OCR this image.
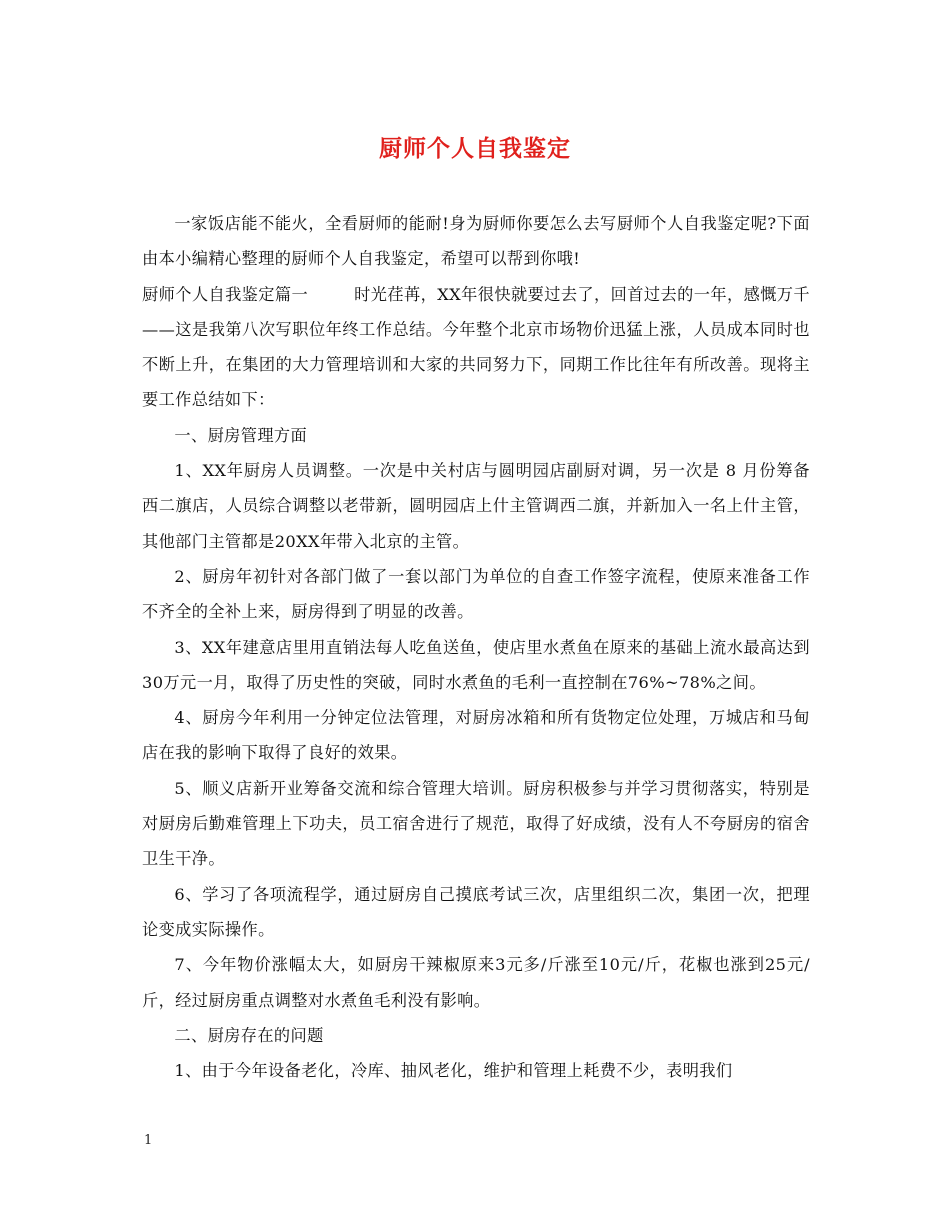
厨师个人自我鉴定

一家饭店能不能火，全看厨师的能耐!身为厨师你要怎么去写厨师个人自我鉴定呢?下面由本小编精心整理的厨师个人自我鉴定，希望可以帮到你哦!

厨师个人自我鉴定篇一	时光荏苒，XX年很快就要过去了，回首过去的一年，感慨万千——这是我第八次写职位年终工作总结。今年整个北京市场物价迅猛上涨，人员成本同时也不断上升，在集团的大力管理培训和大家的共同努力下，同期工作比往年有所改善。现将主要工作总结如下：

一、厨房管理方面

1、XX年厨房人员调整。一次是中关村店与圆明园店副厨对调，另一次是 8 月份筹备西二旗店，人员综合调整以老带新，圆明园店上什主管调西二旗，并新加入一名上什主管，其他部门主管都是20XX年带入北京的主管。

2、厨房年初针对各部门做了一套以部门为单位的自查工作签字流程，使原来准备工作不齐全的全补上来，厨房得到了明显的改善。

3、XX年建意店里用直销法每人吃鱼送鱼，使店里水煮鱼在原来的基础上流水最高达到30万元一月，取得了历史性的突破，同时水煮鱼的毛利一直控制在76%~78%之间。

4、厨房今年利用一分钟定位法管理，对厨房冰箱和所有货物定位处理，万城店和马甸店在我的影响下取得了良好的效果。

5、顺义店新开业筹备交流和综合管理大培训。厨房积极参与并学习贯彻落实，特别是对厨房后勤难管理上下功夫，员工宿舍进行了规范，取得了好成绩，没有人不夸厨房的宿舍卫生干净。

6、学习了各项流程学，通过厨房自己摸底考试三次，店里组织二次，集团一次，把理论变成实际操作。

7、今年物价涨幅太大，如厨房干辣椒原来3元多/斤涨至10元/斤，花椒也涨到25元/斤，经过厨房重点调整对水煮鱼毛利没有影响。

二、厨房存在的问题

1、由于今年设备老化，冷库、抽风老化，维护和管理上耗费不少，表明我们

1
